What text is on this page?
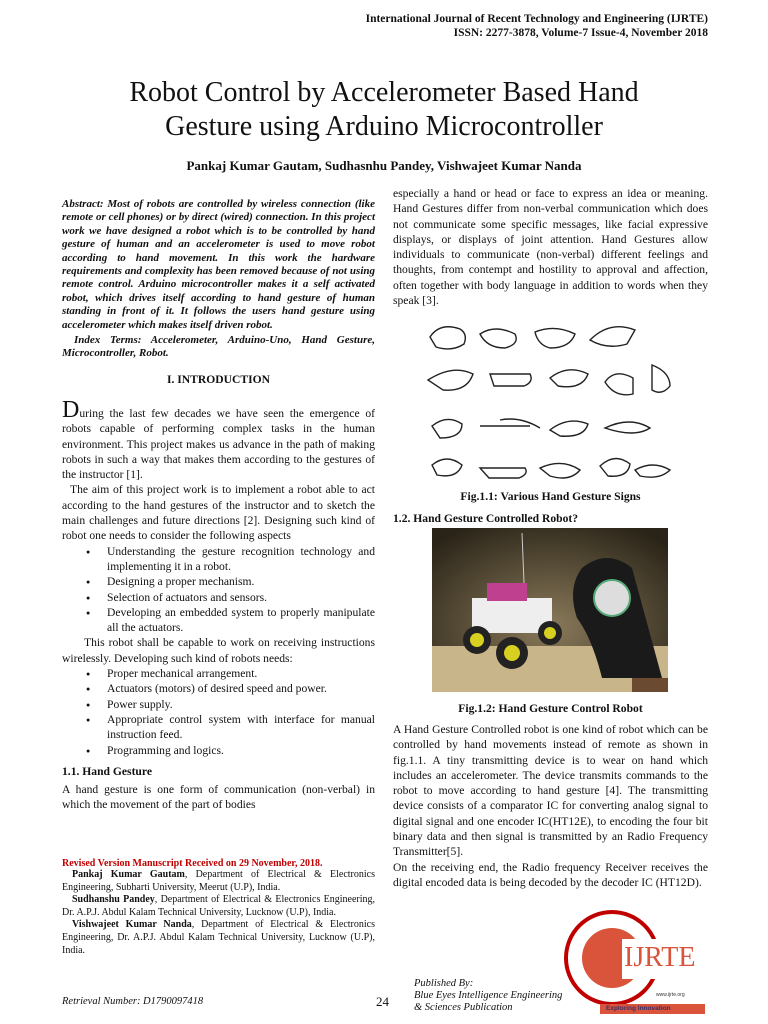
International Journal of Recent Technology and Engineering (IJRTE)
ISSN: 2277-3878, Volume-7 Issue-4, November 2018
Robot Control by Accelerometer Based Hand
Gesture using Arduino Microcontroller
Pankaj Kumar Gautam, Sudhasnhu Pandey, Vishwajeet Kumar Nanda
Abstract: Most of robots are controlled by wireless connection (like remote or cell phones) or by direct (wired) connection. In this project work we have designed a robot which is to be controlled by hand gesture of human and an accelerometer is used to move robot according to hand movement. In this work the hardware requirements and complexity has been removed because of not using remote control. Arduino microcontroller makes it a self activated robot, which drives itself according to hand gesture of human standing in front of it. It follows the users hand gesture using accelerometer which makes itself driven robot.
Index Terms: Accelerometer, Arduino-Uno, Hand Gesture, Microcontroller, Robot.
I. INTRODUCTION

During the last few decades we have seen the emergence of robots capable of performing complex tasks in the human environment. This project makes us advance in the path of making robots in such a way that makes them according to the gestures of the instructor [1].

The aim of this project work is to implement a robot able to act according to the hand gestures of the instructor and to sketch the main challenges and future directions [2]. Designing such kind of robot one needs to consider the following aspects

● Understanding the gesture recognition technology and implementing it in a robot.
● Designing a proper mechanism.
● Selection of actuators and sensors.
● Developing an embedded system to properly manipulate all the actuators.

This robot shall be capable to work on receiving instructions wirelessly. Developing such kind of robots needs:

● Proper mechanical arrangement.
● Actuators (motors) of desired speed and power.
● Power supply.
● Appropriate control system with interface for manual instruction feed.
● Programming and logics.

1.1. Hand Gesture

A hand gesture is one form of communication (non-verbal) in which the movement of the part of bodies

Revised Version Manuscript Received on 29 November, 2018.

Pankaj Kumar Gautam, Department of Electrical & Electronics Engineering, Subharti University, Meerut (U.P), India.

Sudhanshu Pandey, Department of Electrical & Electronics Engineering, Dr. A.P.J. Abdul Kalam Technical University, Lucknow (U.P), India.

Vishwajeet Kumar Nanda, Department of Electrical & Electronics Engineering, Dr. A.P.J. Abdul Kalam Technical University, Lucknow (U.P), India.

Retrieval Number: D1790097418	24
especially a hand or head or face to express an idea or meaning. Hand Gestures differ from non-verbal communication which does not communicate some specific messages, like facial expressive displays, or displays of joint attention. Hand Gestures allow individuals to communicate (non-verbal) different feelings and thoughts, from contempt and hostility to approval and affection, often together with body language in addition to words when they speak [3].
Fig.1.1: Various Hand Gesture Signs
1.2. Hand Gesture Controlled Robot?
Fig.1.2: Hand Gesture Control Robot

A Hand Gesture Controlled robot is one kind of robot which can be controlled by hand movements instead of remote as shown in fig.1.1. A tiny transmitting device is to wear on hand which includes an accelerometer. The device transmits commands to the robot to move according to hand gesture [4]. The transmitting device consists of a comparator IC for converting analog signal to digital signal and one encoder IC(HT12E), to encoding the four bit binary data and then signal is transmitted by an Radio Frequency Transmitter[5].

On the receiving end, the Radio frequency Receiver receives the digital encoded data is being decoded by the decoder IC (HT12D).

Published By:
Blue Eyes Intelligence Engineering
& Sciences Publication
IJRTE
www.ijrte.org
Exploring Innovation
